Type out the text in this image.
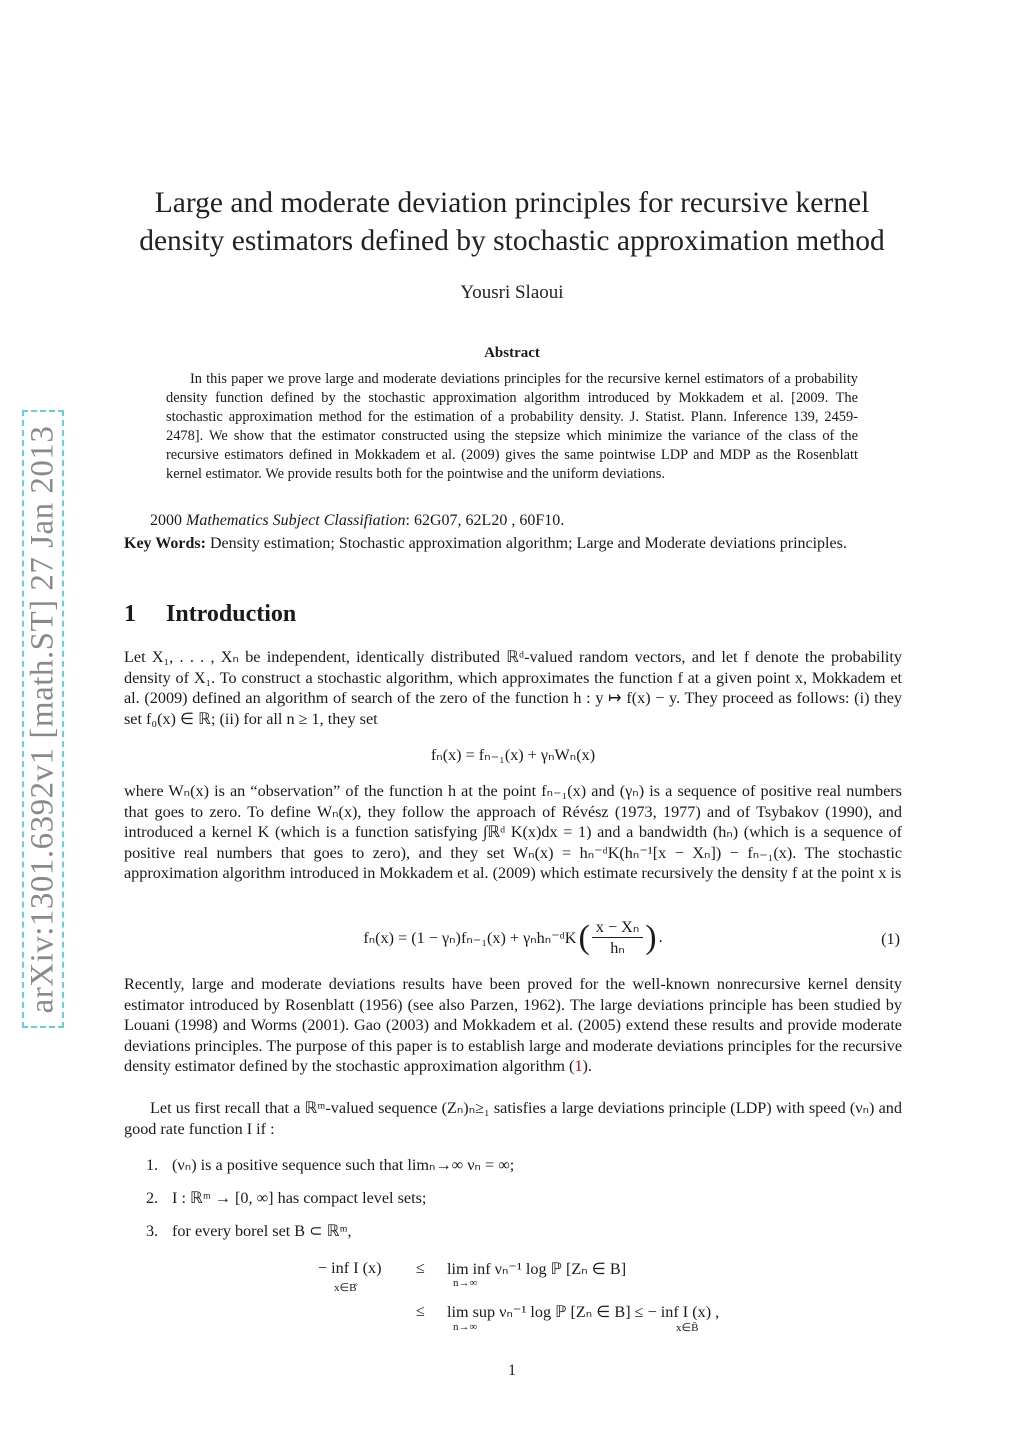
arXiv:1301.6392v1 [math.ST] 27 Jan 2013
Large and moderate deviation principles for recursive kernel
density estimators defined by stochastic approximation method
Yousri Slaoui
Abstract
In this paper we prove large and moderate deviations principles for the recursive kernel estimators of a probability density function defined by the stochastic approximation algorithm introduced by Mokkadem et al. [2009. The stochastic approximation method for the estimation of a probability density. J. Statist. Plann. Inference 139, 2459-2478]. We show that the estimator constructed using the stepsize which minimize the variance of the class of the recursive estimators defined in Mokkadem et al. (2009) gives the same pointwise LDP and MDP as the Rosenblatt kernel estimator. We provide results both for the pointwise and the uniform deviations.
2000 Mathematics Subject Classifiation: 62G07, 62L20 , 60F10.
Key Words: Density estimation; Stochastic approximation algorithm; Large and Moderate deviations principles.
1 Introduction
Let X₁, . . . , Xₙ be independent, identically distributed ℝᵈ-valued random vectors, and let f denote the probability density of X₁. To construct a stochastic algorithm, which approximates the function f at a given point x, Mokkadem et al. (2009) defined an algorithm of search of the zero of the function h : y ↦ f(x) − y. They proceed as follows: (i) they set f₀(x) ∈ ℝ; (ii) for all n ≥ 1, they set
fₙ(x) = fₙ₋₁(x) + γₙWₙ(x)
where Wₙ(x) is an “observation” of the function h at the point fₙ₋₁(x) and (γₙ) is a sequence of positive real numbers that goes to zero. To define Wₙ(x), they follow the approach of Révész (1973, 1977) and of Tsybakov (1990), and introduced a kernel K (which is a function satisfying ∫ℝᵈ K(x)dx = 1) and a bandwidth (hₙ) (which is a sequence of positive real numbers that goes to zero), and they set Wₙ(x) = hₙ⁻ᵈK(hₙ⁻¹[x − Xₙ]) − fₙ₋₁(x). The stochastic approximation algorithm introduced in Mokkadem et al. (2009) which estimate recursively the density f at the point x is
fₙ(x) = (1 − γₙ)fₙ₋₁(x) + γₙhₙ⁻ᵈK ( $\frac{\text{x − Xₙ}}{\text{hₙ}}$ ) .	(1)
Recently, large and moderate deviations results have been proved for the well-known nonrecursive kernel density estimator introduced by Rosenblatt (1956) (see also Parzen, 1962). The large deviations principle has been studied by Louani (1998) and Worms (2001). Gao (2003) and Mokkadem et al. (2005) extend these results and provide moderate deviations principles. The purpose of this paper is to establish large and moderate deviations principles for the recursive density estimator defined by the stochastic approximation algorithm (1).
Let us first recall that a ℝᵐ-valued sequence (Zₙ)ₙ≥₁ satisfies a large deviations principle (LDP) with speed (νₙ) and good rate function I if :
1. (νₙ) is a positive sequence such that limₙ→∞ νₙ = ∞;
2. I : ℝᵐ → [0, ∞] has compact level sets;
3. for every borel set B ⊂ ℝᵐ,
− inf I (x)
x∈B̊
≤ lim inf νₙ⁻¹ log ℙ [Zₙ ∈ B]
n→∞
≤ lim sup νₙ⁻¹ log ℙ [Zₙ ∈ B] ≤ − inf I (x) ,
n→∞	x∈B̄
1
